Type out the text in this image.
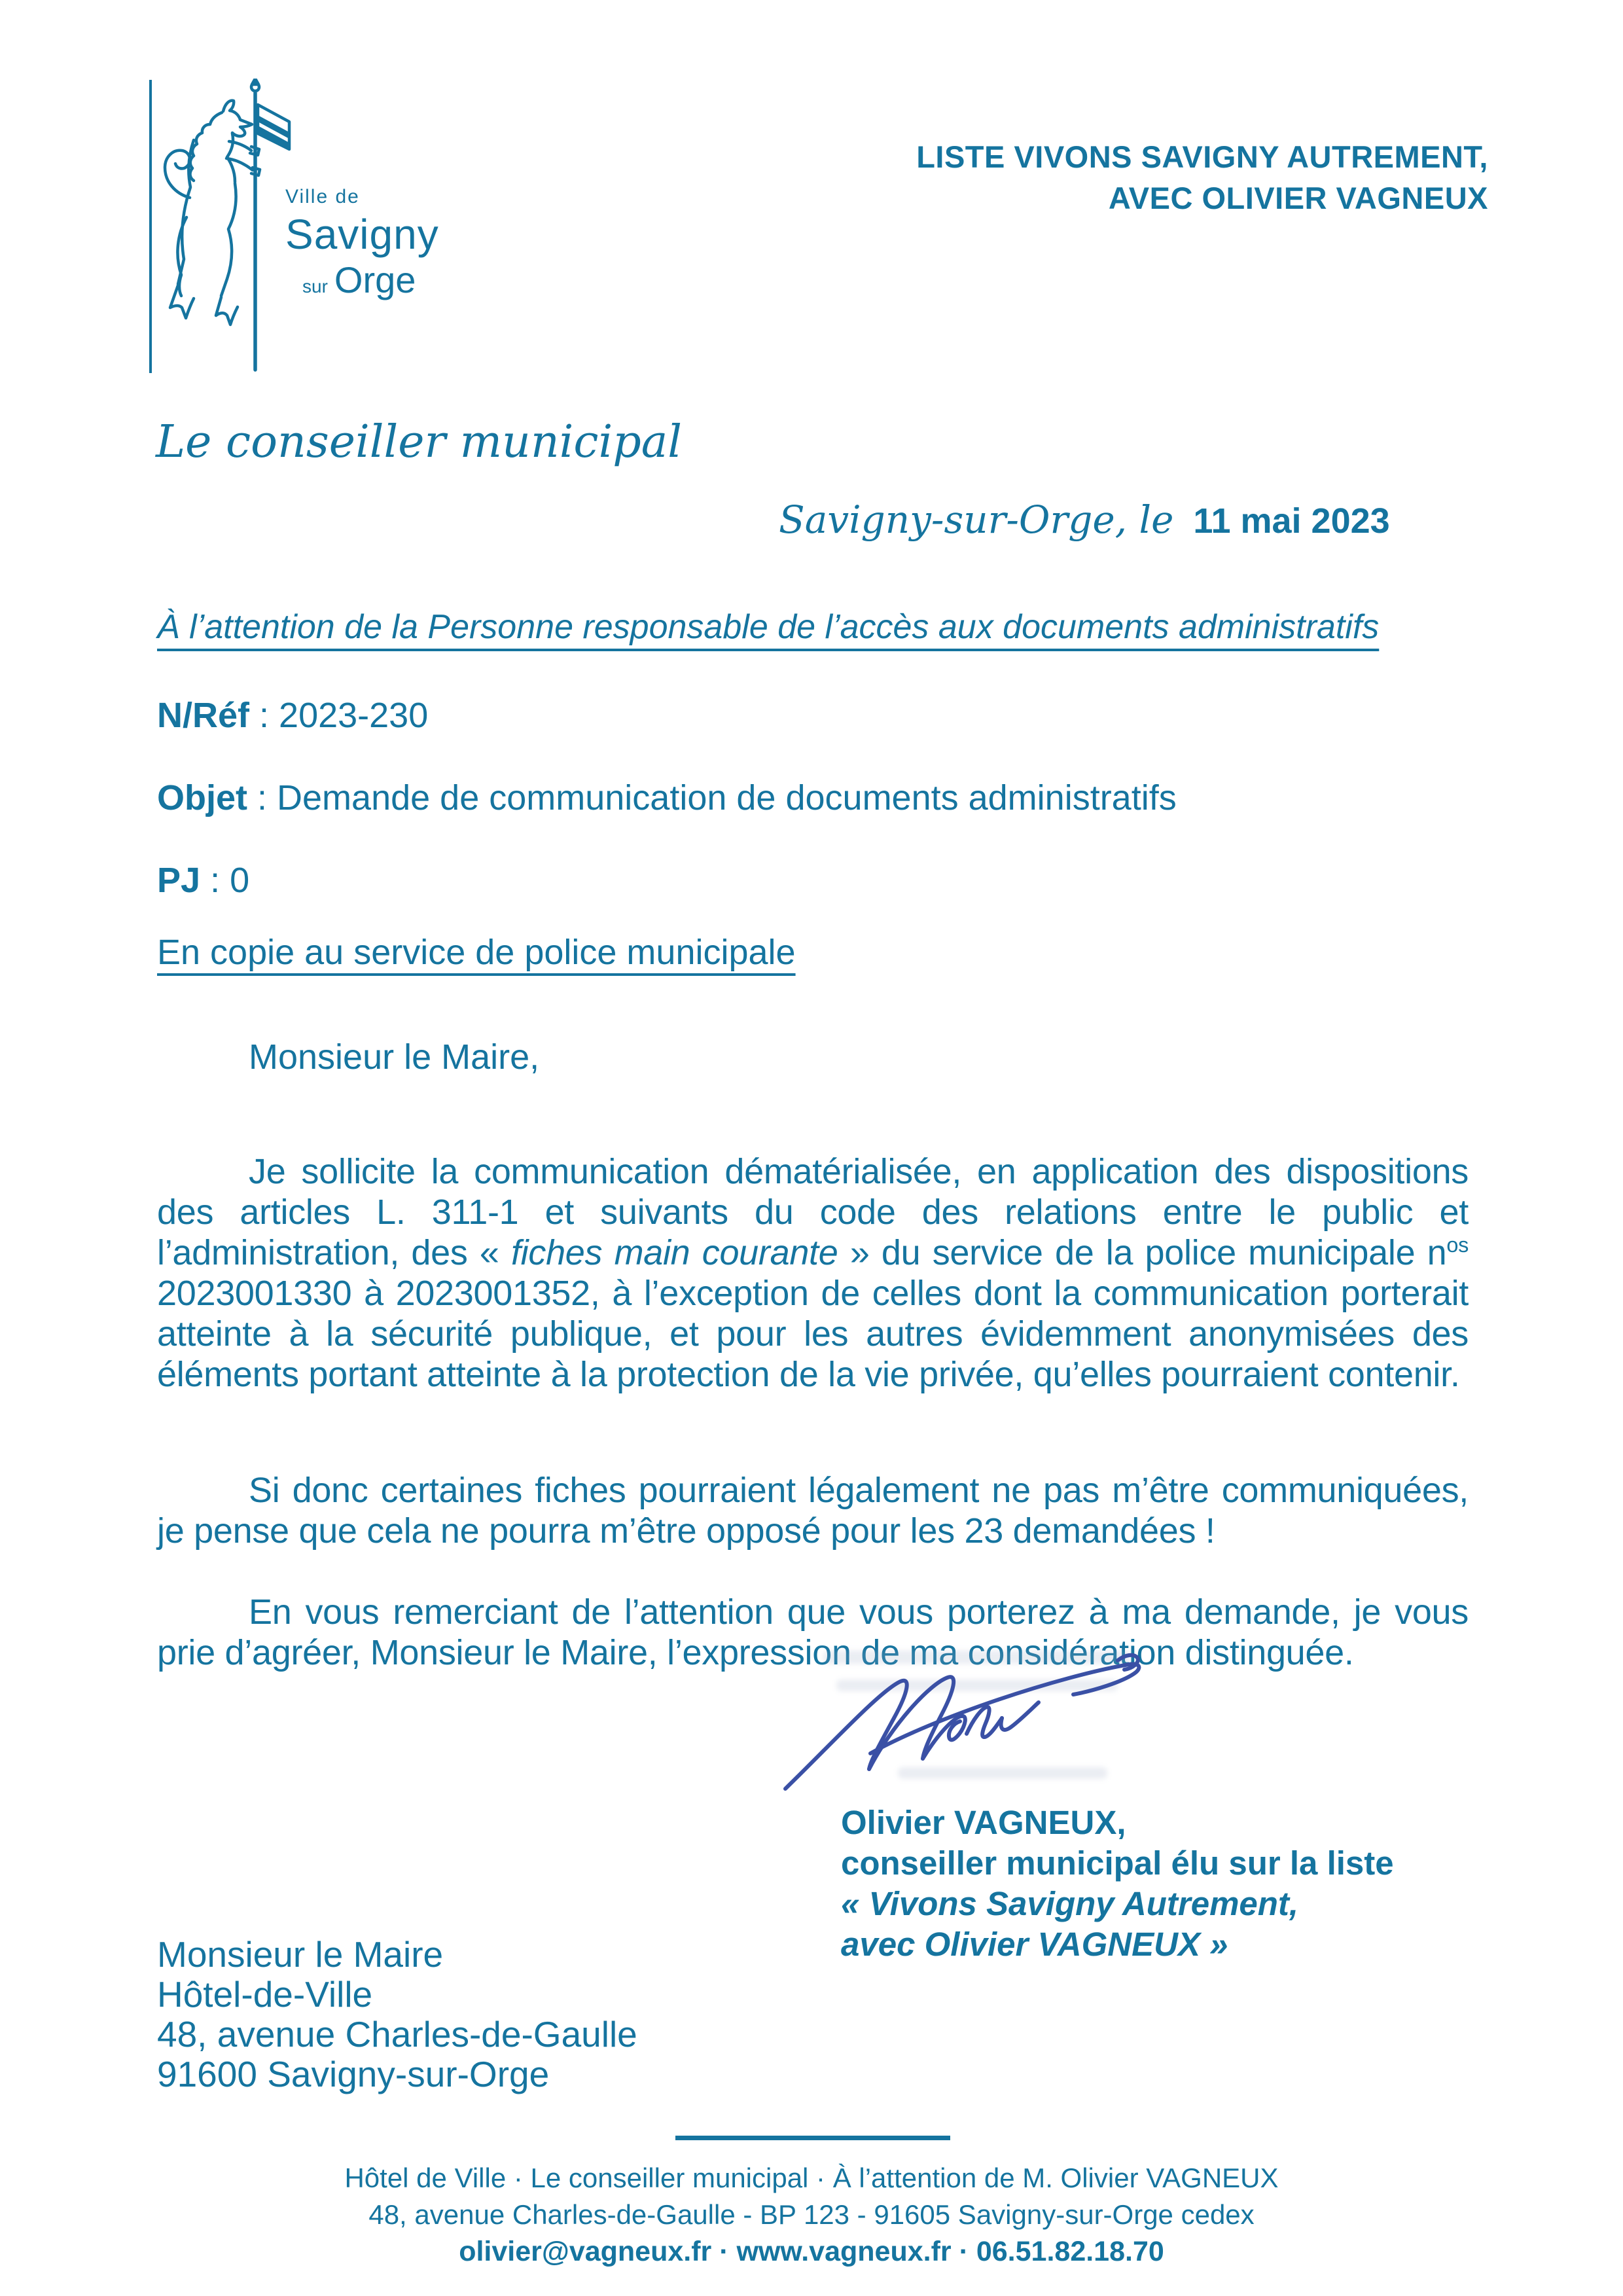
Ville de
Savigny
sur Orge
LISTE VIVONS SAVIGNY AUTREMENT,
AVEC OLIVIER VAGNEUX
Le conseiller municipal
Savigny-sur-Orge, le 11 mai 2023
À l’attention de la Personne responsable de l’accès aux documents administratifs
N/Réf : 2023-230
Objet : Demande de communication de documents administratifs
PJ : 0
En copie au service de police municipale
Monsieur le Maire,

Je sollicite la communication dématérialisée, en application des dispositions des articles L. 311-1 et suivants du code des relations entre le public et l’administration, des « fiches main courante » du service de la police municipale $n^{os}$ 2023001330 à 2023001352, à l’exception de celles dont la communication porterait atteinte à la sécurité publique, et pour les autres évidemment anonymisées des éléments portant atteinte à la protection de la vie privée, qu’elles pourraient contenir.

Si donc certaines fiches pourraient légalement ne pas m’être communiquées, je pense que cela ne pourra m’être opposé pour les 23 demandées !

En vous remerciant de l’attention que vous porterez à ma demande, je vous prie d’agréer, Monsieur le Maire, l’expression de ma considération distinguée.

Olivier VAGNEUX,
conseiller municipal élu sur la liste
« Vivons Savigny Autrement,
avec Olivier VAGNEUX »
Monsieur le Maire
Hôtel-de-Ville
48, avenue Charles-de-Gaulle
91600 Savigny-sur-Orge
Hôtel de Ville · Le conseiller municipal · À l’attention de M. Olivier VAGNEUX
48, avenue Charles-de-Gaulle - BP 123 - 91605 Savigny-sur-Orge cedex
olivier@vagneux.fr · www.vagneux.fr · 06.51.82.18.70
